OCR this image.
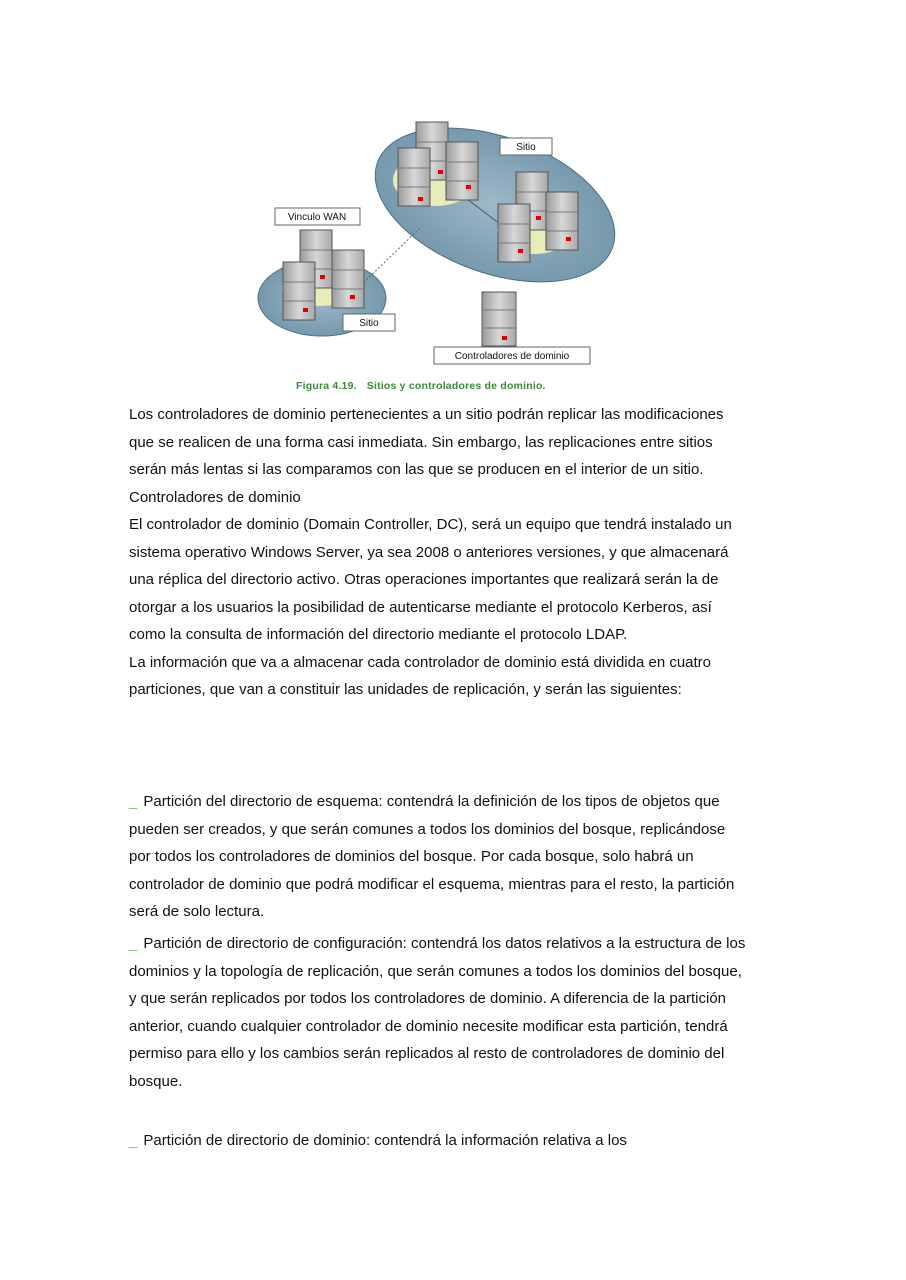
Sitio
Vinculo WAN
Sitio
Controladores de dominio
Figura 4.19. Sitios y controladores de dominio.

Los controladores de dominio pertenecientes a un sitio podrán replicar las modificaciones que se realicen de una forma casi inmediata. Sin embargo, las replicaciones entre sitios serán más lentas si las comparamos con las que se producen en el interior de un sitio.

Controladores de dominio

El controlador de dominio (Domain Controller, DC), será un equipo que tendrá instalado un sistema operativo Windows Server, ya sea 2008 o anteriores versiones, y que almacenará una réplica del directorio activo. Otras operaciones importantes que realizará serán la de otorgar a los usuarios la posibilidad de autenticarse mediante el protocolo Kerberos, así como la consulta de información del directorio mediante el protocolo LDAP.

La información que va a almacenar cada controlador de dominio está dividida en cuatro particiones, que van a constituir las unidades de replicación, y serán las siguientes:

_ Partición del directorio de esquema: contendrá la definición de los tipos de objetos que pueden ser creados, y que serán comunes a todos los dominios del bosque, replicándose por todos los controladores de dominios del bosque. Por cada bosque, solo habrá un controlador de dominio que podrá modificar el esquema, mientras para el resto, la partición será de solo lectura.

_ Partición de directorio de configuración: contendrá los datos relativos a la estructura de los dominios y la topología de replicación, que serán comunes a todos los dominios del bosque, y que serán replicados por todos los controladores de dominio. A diferencia de la partición anterior, cuando cualquier controlador de dominio necesite modificar esta partición, tendrá permiso para ello y los cambios serán replicados al resto de controladores de dominio del bosque.

_ Partición de directorio de dominio: contendrá la información relativa a los
